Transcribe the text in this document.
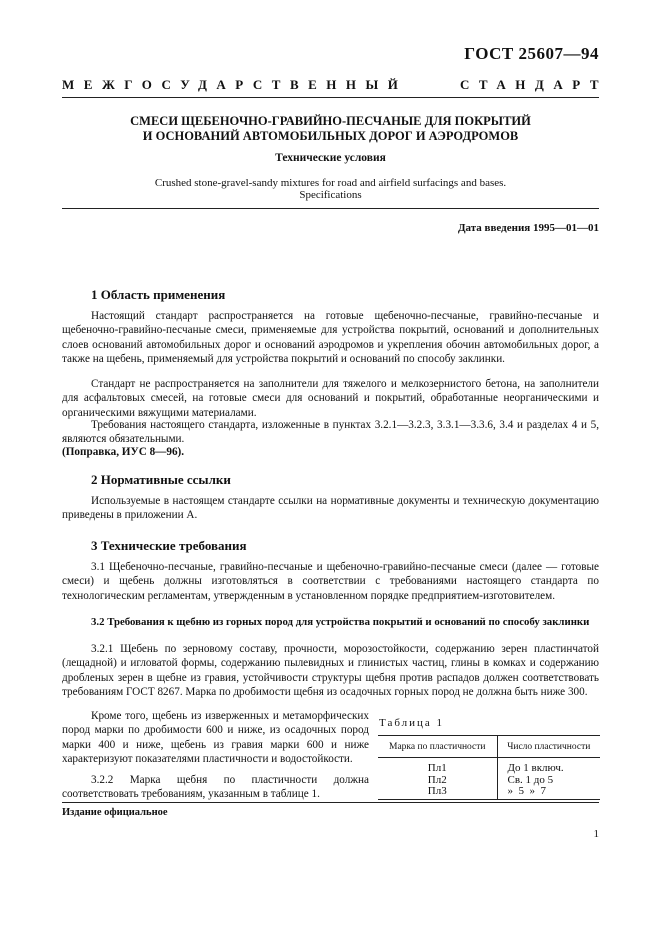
ГОСТ 25607—94
МЕЖГОСУДАРСТВЕННЫЙ	СТАНДАРТ
СМЕСИ ЩЕБЕНОЧНО-ГРАВИЙНО-ПЕСЧАНЫЕ ДЛЯ ПОКРЫТИЙ
И ОСНОВАНИЙ АВТОМОБИЛЬНЫХ ДОРОГ И АЭРОДРОМОВ
Технические условия
Crushed stone-gravel-sandy mixtures for road and airfield surfacings and bases.
Specifications
Дата введения 1995—01—01
1 Область применения
Настоящий стандарт распространяется на готовые щебеночно-песчаные, гравийно-песчаные и щебеночно-гравийно-песчаные смеси, применяемые для устройства покрытий, оснований и дополнительных слоев оснований автомобильных дорог и оснований аэродромов и укрепления обочин автомобильных дорог, а также на щебень, применяемый для устройства покрытий и оснований по способу заклинки.
Стандарт не распространяется на заполнители для тяжелого и мелкозернистого бетона, на заполнители для асфальтовых смесей, на готовые смеси для оснований и покрытий, обработанные неорганическими и органическими вяжущими материалами.
Требования настоящего стандарта, изложенные в пунктах 3.2.1—3.2.3, 3.3.1—3.3.6, 3.4 и разделах 4 и 5, являются обязательными.
(Поправка, ИУС 8—96).
2 Нормативные ссылки
Используемые в настоящем стандарте ссылки на нормативные документы и техническую документацию приведены в приложении А.
3 Технические требования
3.1 Щебеночно-песчаные, гравийно-песчаные и щебеночно-гравийно-песчаные смеси (далее — готовые смеси) и щебень должны изготовляться в соответствии с требованиями настоящего стандарта по технологическим регламентам, утвержденным в установленном порядке предприятием-изготовителем.
3.2 Требования к щебню из горных пород для устройства покрытий и оснований по способу заклинки
3.2.1 Щебень по зерновому составу, прочности, морозостойкости, содержанию зерен пластинчатой (лещадной) и игловатой формы, содержанию пылевидных и глинистых частиц, глины в комках и содержанию дробленых зерен в щебне из гравия, устойчивости структуры щебня против распадов должен соответствовать требованиям ГОСТ 8267. Марка по дробимости щебня из осадочных горных пород не должна быть ниже 300.
Кроме того, щебень из изверженных и метаморфических пород марки по дробимости 600 и ниже, из осадочных пород марки 400 и ниже, щебень из гравия марки 600 и ниже характеризуют показателями пластичности и водостойкости.
3.2.2 Марка щебня по пластичности должна соответствовать требованиям, указанным в таблице 1.
Таблица 1
Марка по пластичности	Число пластичности
Пл1	До 1 включ.
Пл2	Св. 1 до 5
Пл3	»  5  »  7
Издание официальное
1
